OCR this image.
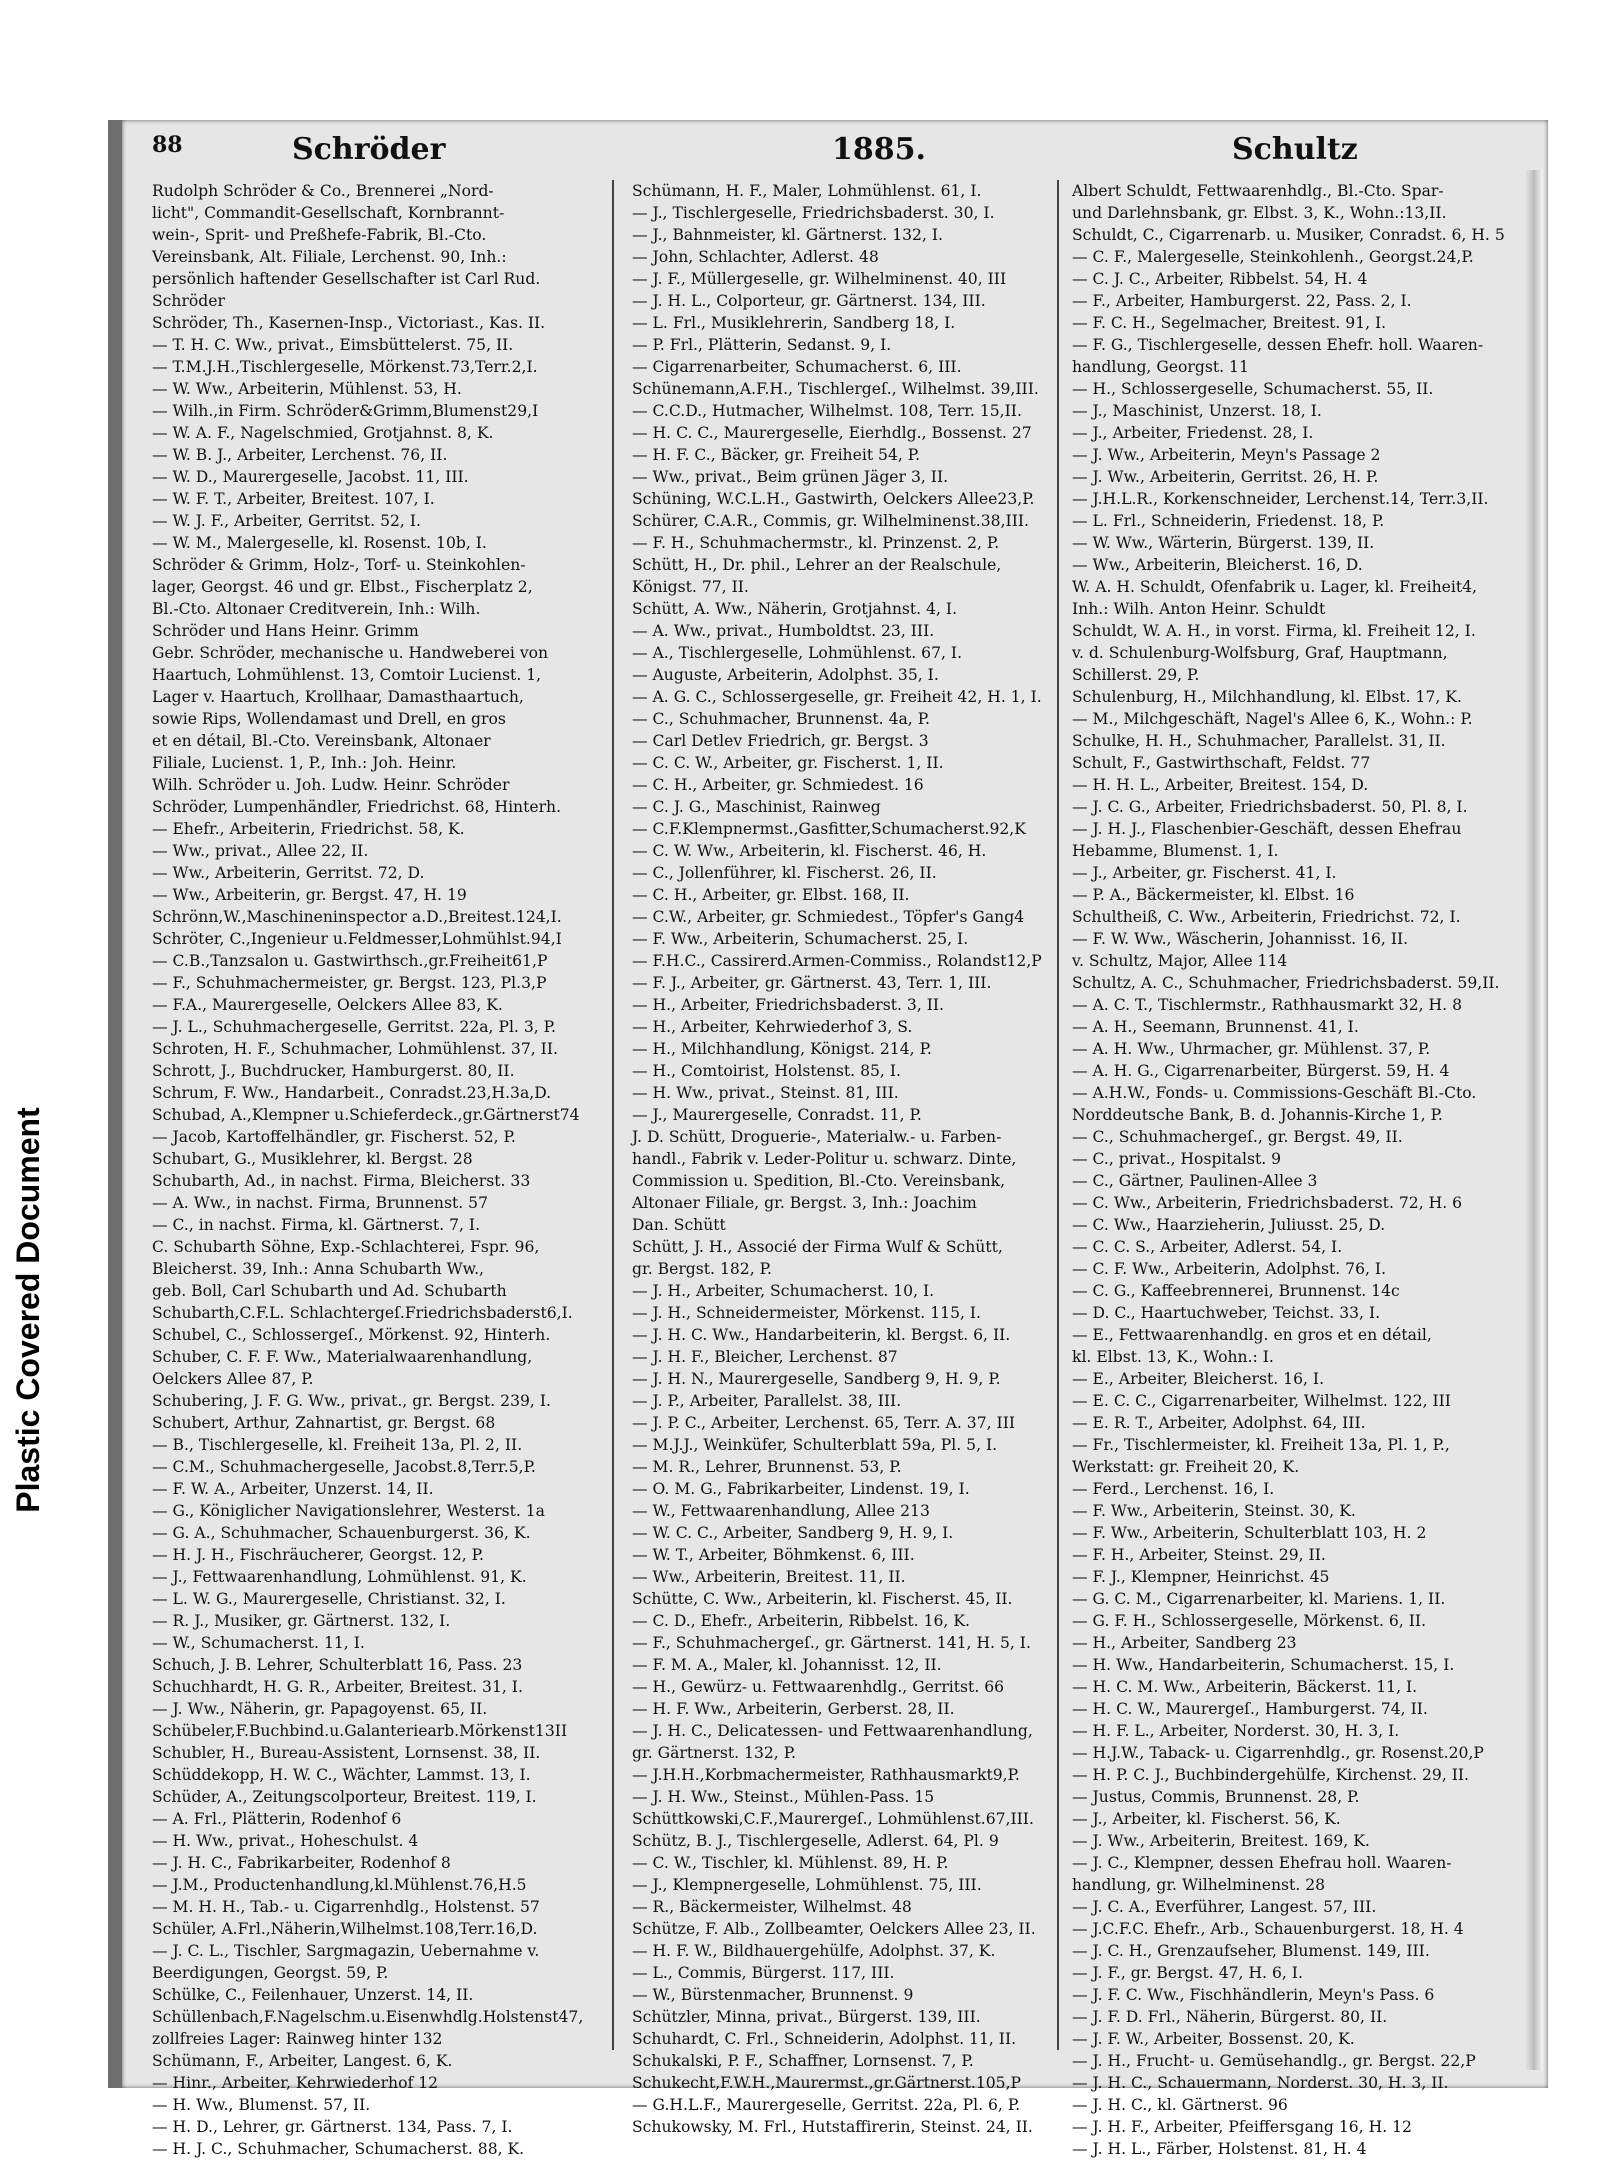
Plastic Covered Document
88	Schröder	1885.	Schultz

Rudolph Schröder & Co., Brennerei „Nord-

licht", Commandit-Gesellschaft, Kornbrannt-

wein-, Sprit- und Preßhefe-Fabrik, Bl.-Cto.

Vereinsbank, Alt. Filiale, Lerchenst. 90, Inh.:

persönlich haftender Gesellschafter ist Carl Rud.

Schröder

Schröder, Th., Kasernen-Insp., Victoriast., Kas. II.

— T. H. C. Ww., privat., Eimsbüttelerst. 75, II.

— T.M.J.H.,Tischlergeselle, Mörkenst.73,Terr.2,I.

— W. Ww., Arbeiterin, Mühlenst. 53, H.

— Wilh.,in Firm. Schröder&Grimm,Blumenst29,I

— W. A. F., Nagelschmied, Grotjahnst. 8, K.

— W. B. J., Arbeiter, Lerchenst. 76, II.

— W. D., Maurergeselle, Jacobst. 11, III.

— W. F. T., Arbeiter, Breitest. 107, I.

— W. J. F., Arbeiter, Gerritst. 52, I.

— W. M., Malergeselle, kl. Rosenst. 10b, I.

Schröder & Grimm, Holz-, Torf- u. Steinkohlen-

lager, Georgst. 46 und gr. Elbst., Fischerplatz 2,

Bl.-Cto. Altonaer Creditverein, Inh.: Wilh.

Schröder und Hans Heinr. Grimm

Gebr. Schröder, mechanische u. Handweberei von

Haartuch, Lohmühlenst. 13, Comtoir Lucienst. 1,

Lager v. Haartuch, Krollhaar, Damasthaartuch,

sowie Rips, Wollendamast und Drell, en gros

et en détail, Bl.-Cto. Vereinsbank, Altonaer

Filiale, Lucienst. 1, P., Inh.: Joh. Heinr.

Wilh. Schröder u. Joh. Ludw. Heinr. Schröder

Schröder, Lumpenhändler, Friedrichst. 68, Hinterh.

— Ehefr., Arbeiterin, Friedrichst. 58, K.

— Ww., privat., Allee 22, II.

— Ww., Arbeiterin, Gerritst. 72, D.

— Ww., Arbeiterin, gr. Bergst. 47, H. 19

Schrönn,W.,Maschineninspector a.D.,Breitest.124,I.

Schröter, C.,Ingenieur u.Feldmesser,Lohmühlst.94,I

— C.B.,Tanzsalon u. Gastwirthsch.,gr.Freiheit61,P

— F., Schuhmachermeister, gr. Bergst. 123, Pl.3,P

— F.A., Maurergeselle, Oelckers Allee 83, K.

— J. L., Schuhmachergeselle, Gerritst. 22a, Pl. 3, P.

Schroten, H. F., Schuhmacher, Lohmühlenst. 37, II.

Schrott, J., Buchdrucker, Hamburgerst. 80, II.

Schrum, F. Ww., Handarbeit., Conradst.23,H.3a,D.

Schubad, A.,Klempner u.Schieferdeck.,gr.Gärtnerst74

— Jacob, Kartoffelhändler, gr. Fischerst. 52, P.

Schubart, G., Musiklehrer, kl. Bergst. 28

Schubarth, Ad., in nachst. Firma, Bleicherst. 33

— A. Ww., in nachst. Firma, Brunnenst. 57

— C., in nachst. Firma, kl. Gärtnerst. 7, I.

C. Schubarth Söhne, Exp.-Schlachterei, Fspr. 96,

Bleicherst. 39, Inh.: Anna Schubarth Ww.,

geb. Boll, Carl Schubarth und Ad. Schubarth

Schubarth,C.F.L. Schlachtergeſ.Friedrichsbaderst6,I.

Schubel, C., Schlossergeſ., Mörkenst. 92, Hinterh.

Schuber, C. F. F. Ww., Materialwaarenhandlung,

Oelckers Allee 87, P.

Schubering, J. F. G. Ww., privat., gr. Bergst. 239, I.

Schubert, Arthur, Zahnartist, gr. Bergst. 68

— B., Tischlergeselle, kl. Freiheit 13a, Pl. 2, II.

— C.M., Schuhmachergeselle, Jacobst.8,Terr.5,P.

— F. W. A., Arbeiter, Unzerst. 14, II.

— G., Königlicher Navigationslehrer, Westerst. 1a

— G. A., Schuhmacher, Schauenburgerst. 36, K.

— H. J. H., Fischräucherer, Georgst. 12, P.

— J., Fettwaarenhandlung, Lohmühlenst. 91, K.

— L. W. G., Maurergeselle, Christianst. 32, I.

— R. J., Musiker, gr. Gärtnerst. 132, I.

— W., Schumacherst. 11, I.

Schuch, J. B. Lehrer, Schulterblatt 16, Pass. 23

Schuchhardt, H. G. R., Arbeiter, Breitest. 31, I.

— J. Ww., Näherin, gr. Papagoyenst. 65, II.

Schübeler,F.Buchbind.u.Galanteriearb.Mörkenst13II

Schubler, H., Bureau-Assistent, Lornsenst. 38, II.

Schüddekopp, H. W. C., Wächter, Lammst. 13, I.

Schüder, A., Zeitungscolporteur, Breitest. 119, I.

— A. Frl., Plätterin, Rodenhof 6

— H. Ww., privat., Hoheschulst. 4

— J. H. C., Fabrikarbeiter, Rodenhof 8

— J.M., Productenhandlung,kl.Mühlenst.76,H.5

— M. H. H., Tab.- u. Cigarrenhdlg., Holstenst. 57

Schüler, A.Frl.,Näherin,Wilhelmst.108,Terr.16,D.

— J. C. L., Tischler, Sargmagazin, Uebernahme v.

Beerdigungen, Georgst. 59, P.

Schülke, C., Feilenhauer, Unzerst. 14, II.

Schüllenbach,F.Nagelschm.u.Eisenwhdlg.Holstenst47,

zollfreies Lager: Rainweg hinter 132

Schümann, F., Arbeiter, Langest. 6, K.

— Hinr., Arbeiter, Kehrwiederhof 12

— H. Ww., Blumenst. 57, II.

— H. D., Lehrer, gr. Gärtnerst. 134, Pass. 7, I.

— H. J. C., Schuhmacher, Schumacherst. 88, K.

Schümann, H. F., Maler, Lohmühlenst. 61, I.

— J., Tischlergeselle, Friedrichsbaderst. 30, I.

— J., Bahnmeister, kl. Gärtnerst. 132, I.

— John, Schlachter, Adlerst. 48

— J. F., Müllergeselle, gr. Wilhelminenst. 40, III

— J. H. L., Colporteur, gr. Gärtnerst. 134, III.

— L. Frl., Musiklehrerin, Sandberg 18, I.

— P. Frl., Plätterin, Sedanst. 9, I.

— Cigarrenarbeiter, Schumacherst. 6, III.

Schünemann,A.F.H., Tischlergeſ., Wilhelmst. 39,III.

— C.C.D., Hutmacher, Wilhelmst. 108, Terr. 15,II.

— H. C. C., Maurergeselle, Eierhdlg., Bossenst. 27

— H. F. C., Bäcker, gr. Freiheit 54, P.

— Ww., privat., Beim grünen Jäger 3, II.

Schüning, W.C.L.H., Gastwirth, Oelckers Allee23,P.

Schürer, C.A.R., Commis, gr. Wilhelminenst.38,III.

— F. H., Schuhmachermstr., kl. Prinzenst. 2, P.

Schütt, H., Dr. phil., Lehrer an der Realschule,

Königst. 77, II.

Schütt, A. Ww., Näherin, Grotjahnst. 4, I.

— A. Ww., privat., Humboldtst. 23, III.

— A., Tischlergeselle, Lohmühlenst. 67, I.

— Auguste, Arbeiterin, Adolphst. 35, I.

— A. G. C., Schlossergeselle, gr. Freiheit 42, H. 1, I.

— C., Schuhmacher, Brunnenst. 4a, P.

— Carl Detlev Friedrich, gr. Bergst. 3

— C. C. W., Arbeiter, gr. Fischerst. 1, II.

— C. H., Arbeiter, gr. Schmiedest. 16

— C. J. G., Maschinist, Rainweg

— C.F.Klempnermst.,Gasfitter,Schumacherst.92,K

— C. W. Ww., Arbeiterin, kl. Fischerst. 46, H.

— C., Jollenführer, kl. Fischerst. 26, II.

— C. H., Arbeiter, gr. Elbst. 168, II.

— C.W., Arbeiter, gr. Schmiedest., Töpfer's Gang4

— F. Ww., Arbeiterin, Schumacherst. 25, I.

— F.H.C., Cassirerd.Armen-Commiss., Rolandst12,P

— F. J., Arbeiter, gr. Gärtnerst. 43, Terr. 1, III.

— H., Arbeiter, Friedrichsbaderst. 3, II.

— H., Arbeiter, Kehrwiederhof 3, S.

— H., Milchhandlung, Königst. 214, P.

— H., Comtoirist, Holstenst. 85, I.

— H. Ww., privat., Steinst. 81, III.

— J., Maurergeselle, Conradst. 11, P.

J. D. Schütt, Droguerie-, Materialw.- u. Farben-

handl., Fabrik v. Leder-Politur u. schwarz. Dinte,

Commission u. Spedition, Bl.-Cto. Vereinsbank,

Altonaer Filiale, gr. Bergst. 3, Inh.: Joachim

Dan. Schütt

Schütt, J. H., Associé der Firma Wulf & Schütt,

gr. Bergst. 182, P.

— J. H., Arbeiter, Schumacherst. 10, I.

— J. H., Schneidermeister, Mörkenst. 115, I.

— J. H. C. Ww., Handarbeiterin, kl. Bergst. 6, II.

— J. H. F., Bleicher, Lerchenst. 87

— J. H. N., Maurergeselle, Sandberg 9, H. 9, P.

— J. P., Arbeiter, Parallelst. 38, III.

— J. P. C., Arbeiter, Lerchenst. 65, Terr. A. 37, III

— M.J.J., Weinküfer, Schulterblatt 59a, Pl. 5, I.

— M. R., Lehrer, Brunnenst. 53, P.

— O. M. G., Fabrikarbeiter, Lindenst. 19, I.

— W., Fettwaarenhandlung, Allee 213

— W. C. C., Arbeiter, Sandberg 9, H. 9, I.

— W. T., Arbeiter, Böhmkenst. 6, III.

— Ww., Arbeiterin, Breitest. 11, II.

Schütte, C. Ww., Arbeiterin, kl. Fischerst. 45, II.

— C. D., Ehefr., Arbeiterin, Ribbelst. 16, K.

— F., Schuhmachergeſ., gr. Gärtnerst. 141, H. 5, I.

— F. M. A., Maler, kl. Johannisst. 12, II.

— H., Gewürz- u. Fettwaarenhdlg., Gerritst. 66

— H. F. Ww., Arbeiterin, Gerberst. 28, II.

— J. H. C., Delicatessen- und Fettwaarenhandlung,

gr. Gärtnerst. 132, P.

— J.H.H.,Korbmachermeister, Rathhausmarkt9,P.

— J. H. Ww., Steinst., Mühlen-Pass. 15

Schüttkowski,C.F.,Maurergeſ., Lohmühlenst.67,III.

Schütz, B. J., Tischlergeselle, Adlerst. 64, Pl. 9

— C. W., Tischler, kl. Mühlenst. 89, H. P.

— J., Klempnergeselle, Lohmühlenst. 75, III.

— R., Bäckermeister, Wilhelmst. 48

Schütze, F. Alb., Zollbeamter, Oelckers Allee 23, II.

— H. F. W., Bildhauergehülfe, Adolphst. 37, K.

— L., Commis, Bürgerst. 117, III.

— W., Bürstenmacher, Brunnenst. 9

Schützler, Minna, privat., Bürgerst. 139, III.

Schuhardt, C. Frl., Schneiderin, Adolphst. 11, II.

Schukalski, P. F., Schaffner, Lornsenst. 7, P.

Schukecht,F.W.H.,Maurermst.,gr.Gärtnerst.105,P

— G.H.L.F., Maurergeselle, Gerritst. 22a, Pl. 6, P.

Schukowsky, M. Frl., Hutstaffirerin, Steinst. 24, II.

Albert Schuldt, Fettwaarenhdlg., Bl.-Cto. Spar-

und Darlehnsbank, gr. Elbst. 3, K., Wohn.:13,II.

Schuldt, C., Cigarrenarb. u. Musiker, Conradst. 6, H. 5

— C. F., Malergeselle, Steinkohlenh., Georgst.24,P.

— C. J. C., Arbeiter, Ribbelst. 54, H. 4

— F., Arbeiter, Hamburgerst. 22, Pass. 2, I.

— F. C. H., Segelmacher, Breitest. 91, I.

— F. G., Tischlergeselle, dessen Ehefr. holl. Waaren-

handlung, Georgst. 11

— H., Schlossergeselle, Schumacherst. 55, II.

— J., Maschinist, Unzerst. 18, I.

— J., Arbeiter, Friedenst. 28, I.

— J. Ww., Arbeiterin, Meyn's Passage 2

— J. Ww., Arbeiterin, Gerritst. 26, H. P.

— J.H.L.R., Korkenschneider, Lerchenst.14, Terr.3,II.

— L. Frl., Schneiderin, Friedenst. 18, P.

— W. Ww., Wärterin, Bürgerst. 139, II.

— Ww., Arbeiterin, Bleicherst. 16, D.

W. A. H. Schuldt, Ofenfabrik u. Lager, kl. Freiheit4,

Inh.: Wilh. Anton Heinr. Schuldt

Schuldt, W. A. H., in vorst. Firma, kl. Freiheit 12, I.

v. d. Schulenburg-Wolfsburg, Graf, Hauptmann,

Schillerst. 29, P.

Schulenburg, H., Milchhandlung, kl. Elbst. 17, K.

— M., Milchgeschäft, Nagel's Allee 6, K., Wohn.: P.

Schulke, H. H., Schuhmacher, Parallelst. 31, II.

Schult, F., Gastwirthschaft, Feldst. 77

— H. H. L., Arbeiter, Breitest. 154, D.

— J. C. G., Arbeiter, Friedrichsbaderst. 50, Pl. 8, I.

— J. H. J., Flaschenbier-Geschäft, dessen Ehefrau

Hebamme, Blumenst. 1, I.

— J., Arbeiter, gr. Fischerst. 41, I.

— P. A., Bäckermeister, kl. Elbst. 16

Schultheiß, C. Ww., Arbeiterin, Friedrichst. 72, I.

— F. W. Ww., Wäscherin, Johannisst. 16, II.

v. Schultz, Major, Allee 114

Schultz, A. C., Schuhmacher, Friedrichsbaderst. 59,II.

— A. C. T., Tischlermstr., Rathhausmarkt 32, H. 8

— A. H., Seemann, Brunnenst. 41, I.

— A. H. Ww., Uhrmacher, gr. Mühlenst. 37, P.

— A. H. G., Cigarrenarbeiter, Bürgerst. 59, H. 4

— A.H.W., Fonds- u. Commissions-Geschäft Bl.-Cto.

Norddeutsche Bank, B. d. Johannis-Kirche 1, P.

— C., Schuhmachergeſ., gr. Bergst. 49, II.

— C., privat., Hospitalst. 9

— C., Gärtner, Paulinen-Allee 3

— C. Ww., Arbeiterin, Friedrichsbaderst. 72, H. 6

— C. Ww., Haarzieherin, Juliusst. 25, D.

— C. C. S., Arbeiter, Adlerst. 54, I.

— C. F. Ww., Arbeiterin, Adolphst. 76, I.

— C. G., Kaffeebrennerei, Brunnenst. 14c

— D. C., Haartuchweber, Teichst. 33, I.

— E., Fettwaarenhandlg. en gros et en détail,

kl. Elbst. 13, K., Wohn.: I.

— E., Arbeiter, Bleicherst. 16, I.

— E. C. C., Cigarrenarbeiter, Wilhelmst. 122, III

— E. R. T., Arbeiter, Adolphst. 64, III.

— Fr., Tischlermeister, kl. Freiheit 13a, Pl. 1, P.,

Werkstatt: gr. Freiheit 20, K.

— Ferd., Lerchenst. 16, I.

— F. Ww., Arbeiterin, Steinst. 30, K.

— F. Ww., Arbeiterin, Schulterblatt 103, H. 2

— F. H., Arbeiter, Steinst. 29, II.

— F. J., Klempner, Heinrichst. 45

— G. C. M., Cigarrenarbeiter, kl. Mariens. 1, II.

— G. F. H., Schlossergeselle, Mörkenst. 6, II.

— H., Arbeiter, Sandberg 23

— H. Ww., Handarbeiterin, Schumacherst. 15, I.

— H. C. M. Ww., Arbeiterin, Bäckerst. 11, I.

— H. C. W., Maurergeſ., Hamburgerst. 74, II.

— H. F. L., Arbeiter, Norderst. 30, H. 3, I.

— H.J.W., Taback- u. Cigarrenhdlg., gr. Rosenst.20,P

— H. P. C. J., Buchbindergehülfe, Kirchenst. 29, II.

— Justus, Commis, Brunnenst. 28, P.

— J., Arbeiter, kl. Fischerst. 56, K.

— J. Ww., Arbeiterin, Breitest. 169, K.

— J. C., Klempner, dessen Ehefrau holl. Waaren-

handlung, gr. Wilhelminenst. 28

— J. C. A., Everführer, Langest. 57, III.

— J.C.F.C. Ehefr., Arb., Schauenburgerst. 18, H. 4

— J. C. H., Grenzaufseher, Blumenst. 149, III.

— J. F., gr. Bergst. 47, H. 6, I.

— J. F. C. Ww., Fischhändlerin, Meyn's Pass. 6

— J. F. D. Frl., Näherin, Bürgerst. 80, II.

— J. F. W., Arbeiter, Bossenst. 20, K.

— J. H., Frucht- u. Gemüsehandlg., gr. Bergst. 22,P

— J. H. C., Schauermann, Norderst. 30, H. 3, II.

— J. H. C., kl. Gärtnerst. 96

— J. H. F., Arbeiter, Pfeiffersgang 16, H. 12

— J. H. L., Färber, Holstenst. 81, H. 4
